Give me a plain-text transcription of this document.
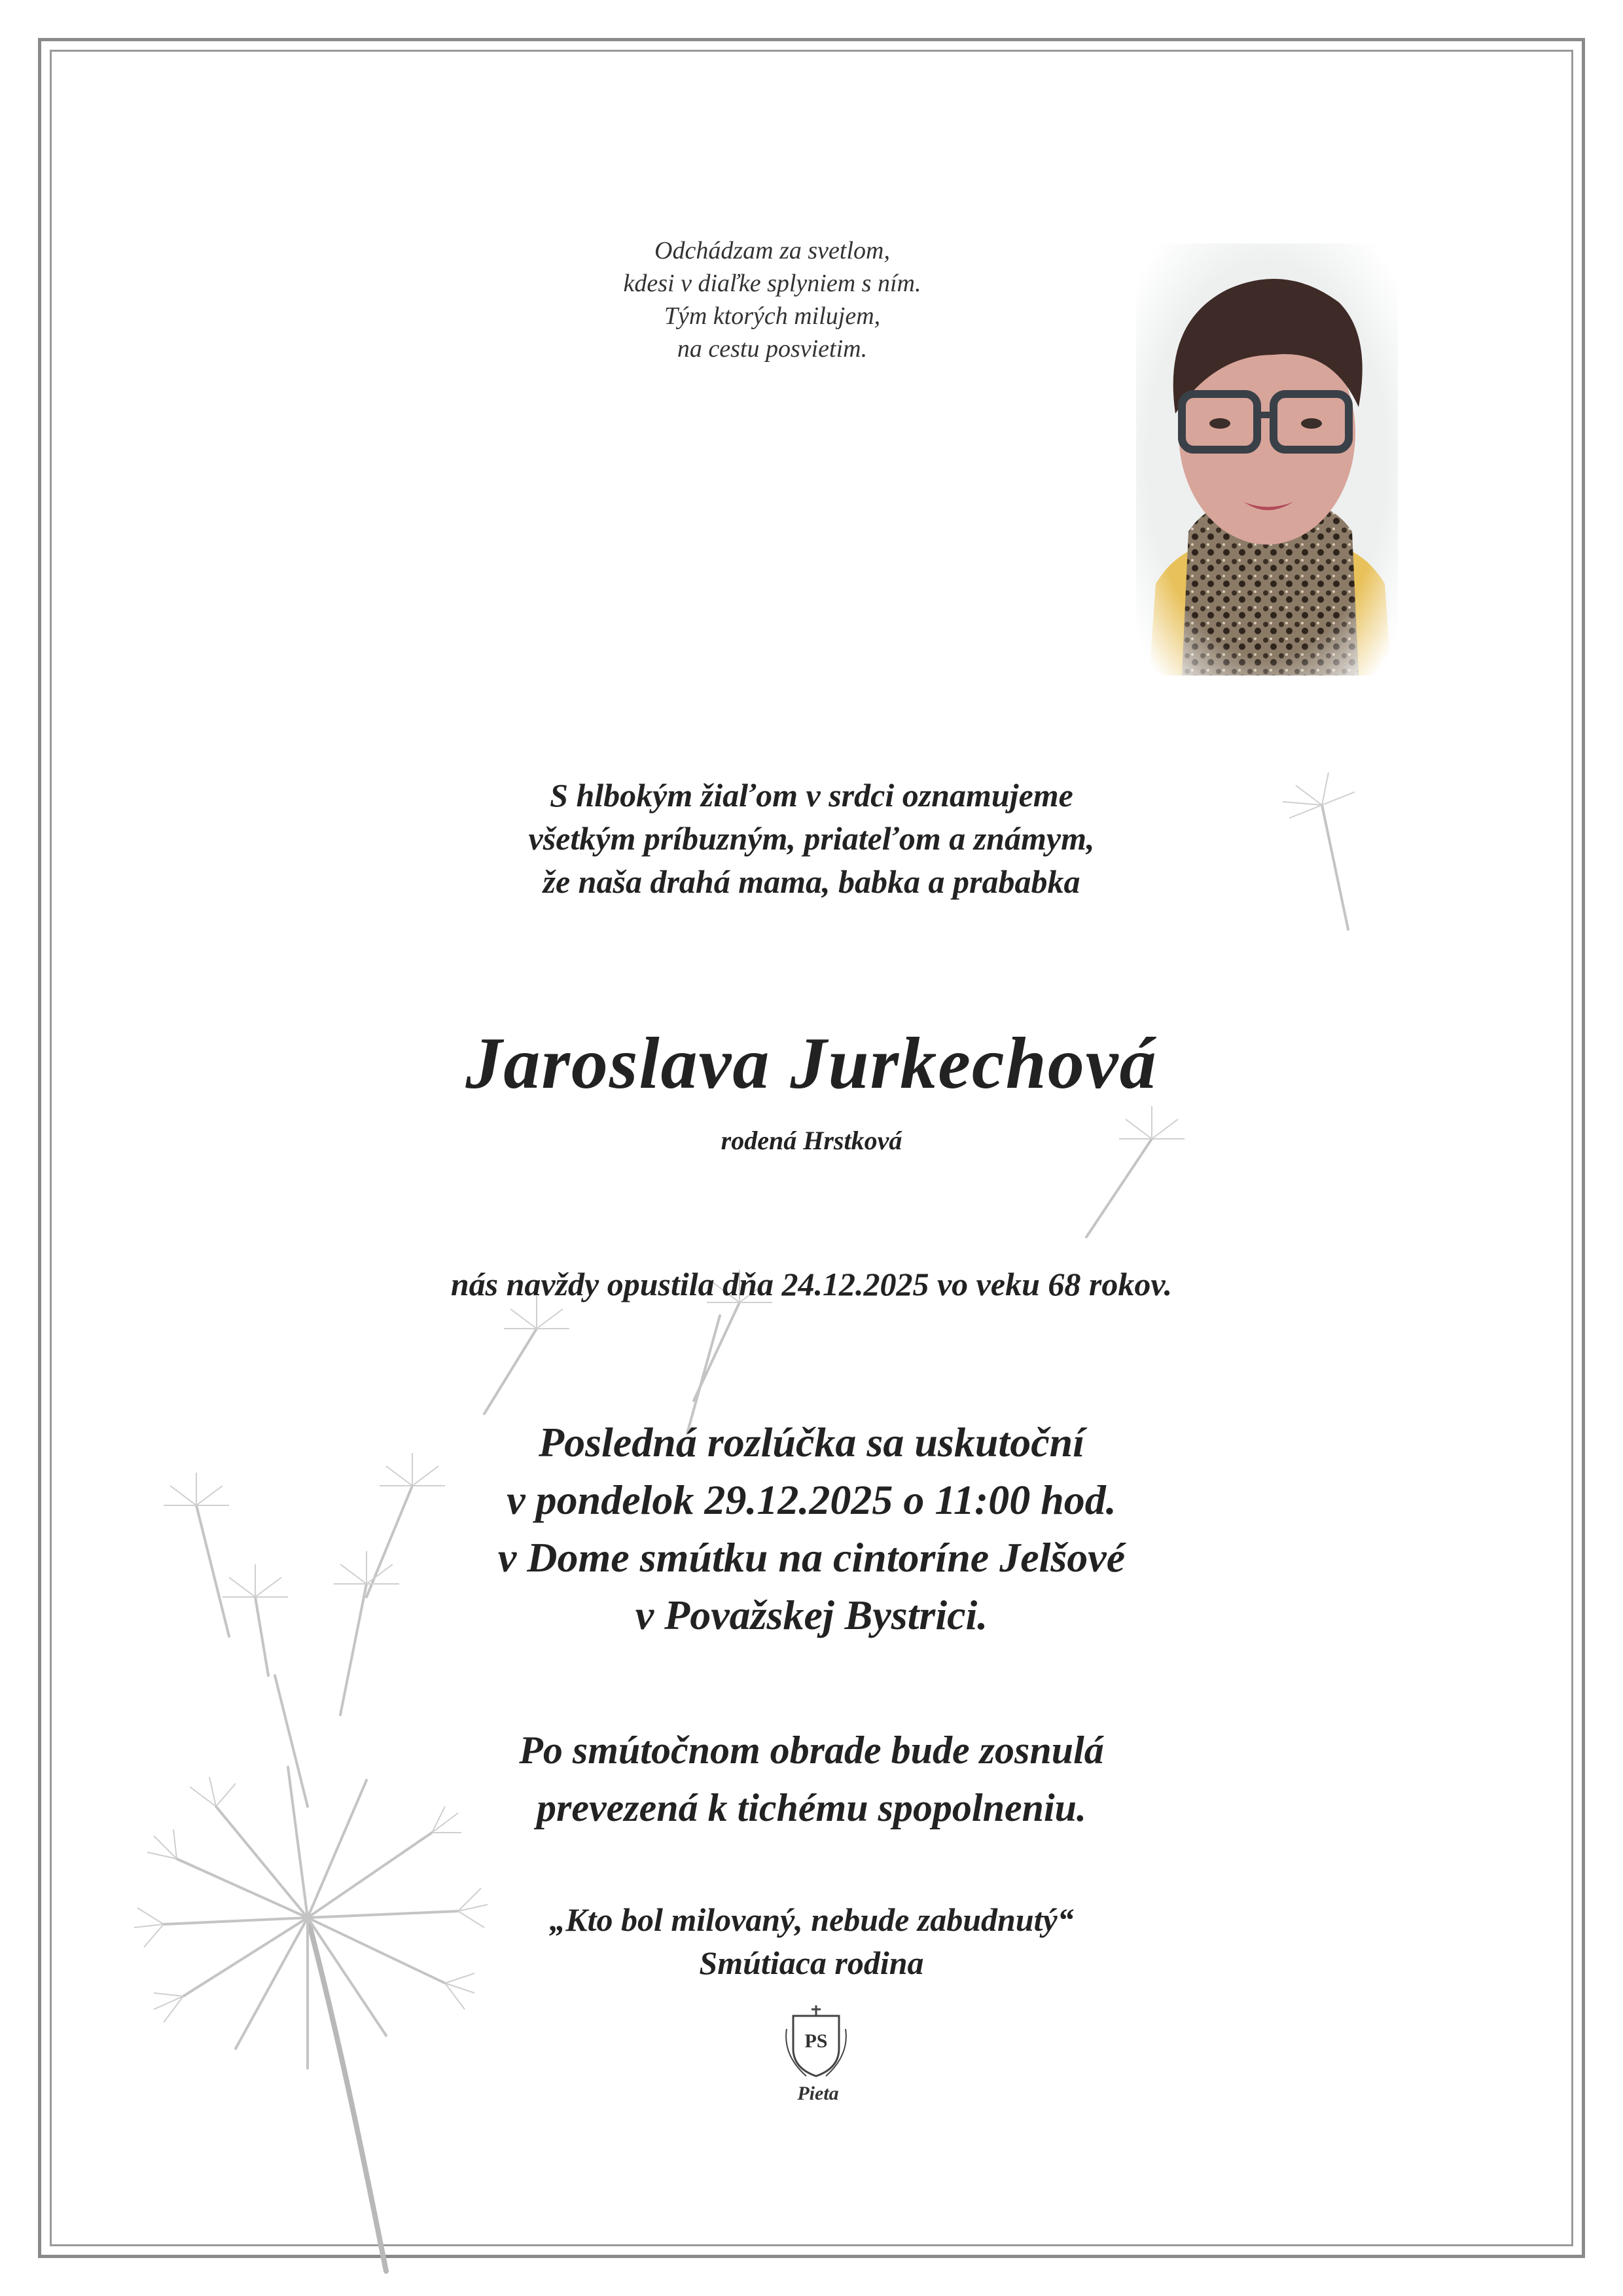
Odchádzam za svetlom,
kdesi v diaľke splyniem s ním.
Tým ktorých milujem,
na cestu posvietim.
S hlbokým žiaľom v srdci oznamujeme
všetkým príbuzným, priateľom a známym,
že naša drahá mama, babka a prababka
Jaroslava Jurkechová
rodená Hrstková
nás navždy opustila dňa 24.12.2025 vo veku 68 rokov.
Posledná rozlúčka sa uskutoční
v pondelok 29.12.2025 o 11:00 hod.
v Dome smútku na cintoríne Jelšové
v Považskej Bystrici.
Po smútočnom obrade bude zosnulá
prevezená k tichému spopolneniu.
„Kto bol milovaný, nebude zabudnutý“
Smútiaca rodina
PS
Pieta
